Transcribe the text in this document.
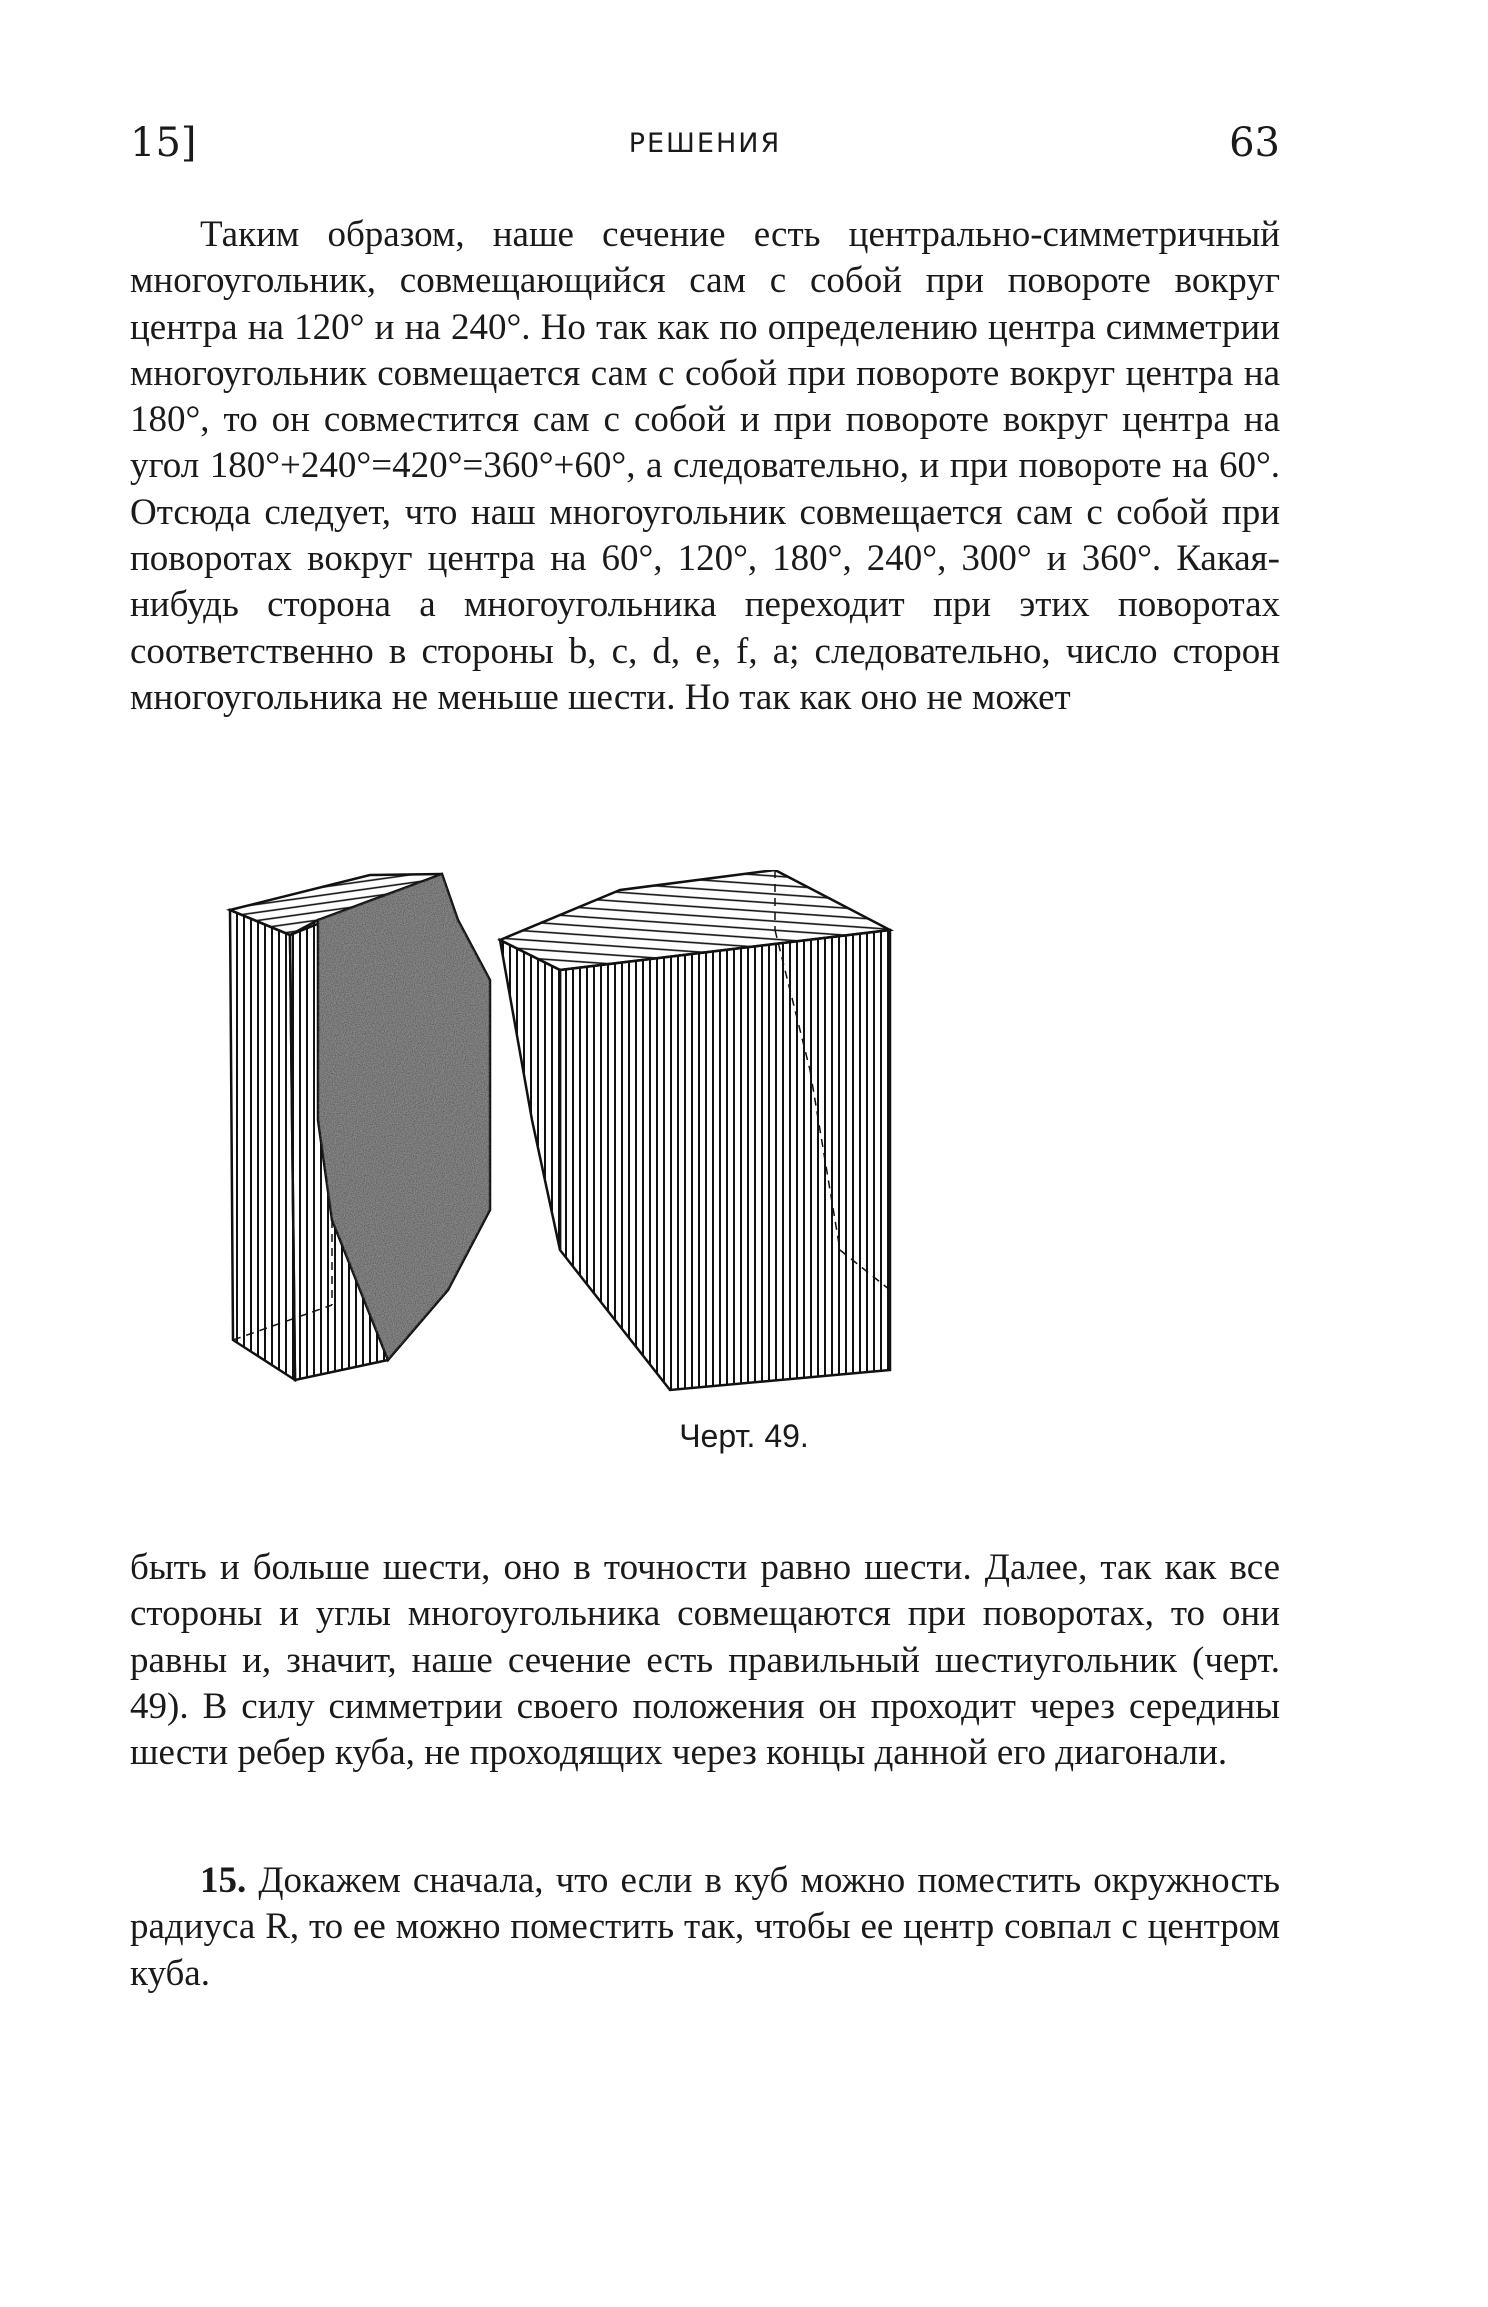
15]	РЕШЕНИЯ	63

Таким образом, наше сечение есть центрально-симметричный многоугольник, совмещающийся сам с собой при повороте вокруг центра на 120° и на 240°. Но так как по определению центра симметрии многоугольник совмещается сам с собой при повороте вокруг центра на 180°, то он совместится сам с собой и при повороте вокруг центра на угол 180°+240°=420°=360°+60°, а следовательно, и при повороте на 60°. Отсюда следует, что наш многоугольник совмещается сам с собой при поворотах вокруг центра на 60°, 120°, 180°, 240°, 300° и 360°. Какая-нибудь сторона a многоугольника переходит при этих поворотах соответственно в стороны b, c, d, e, f, a; следовательно, число сторон многоугольника не меньше шести. Но так как оно не может

Черт. 49.

быть и больше шести, оно в точности равно шести. Далее, так как все стороны и углы многоугольника совмещаются при поворотах, то они равны и, значит, наше сечение есть правильный шестиугольник (черт. 49). В силу симметрии своего положения он проходит через середины шести ребер куба, не проходящих через концы данной его диагонали.

15. Докажем сначала, что если в куб можно поместить окружность радиуса R, то ее можно поместить так, чтобы ее центр совпал с центром куба.
